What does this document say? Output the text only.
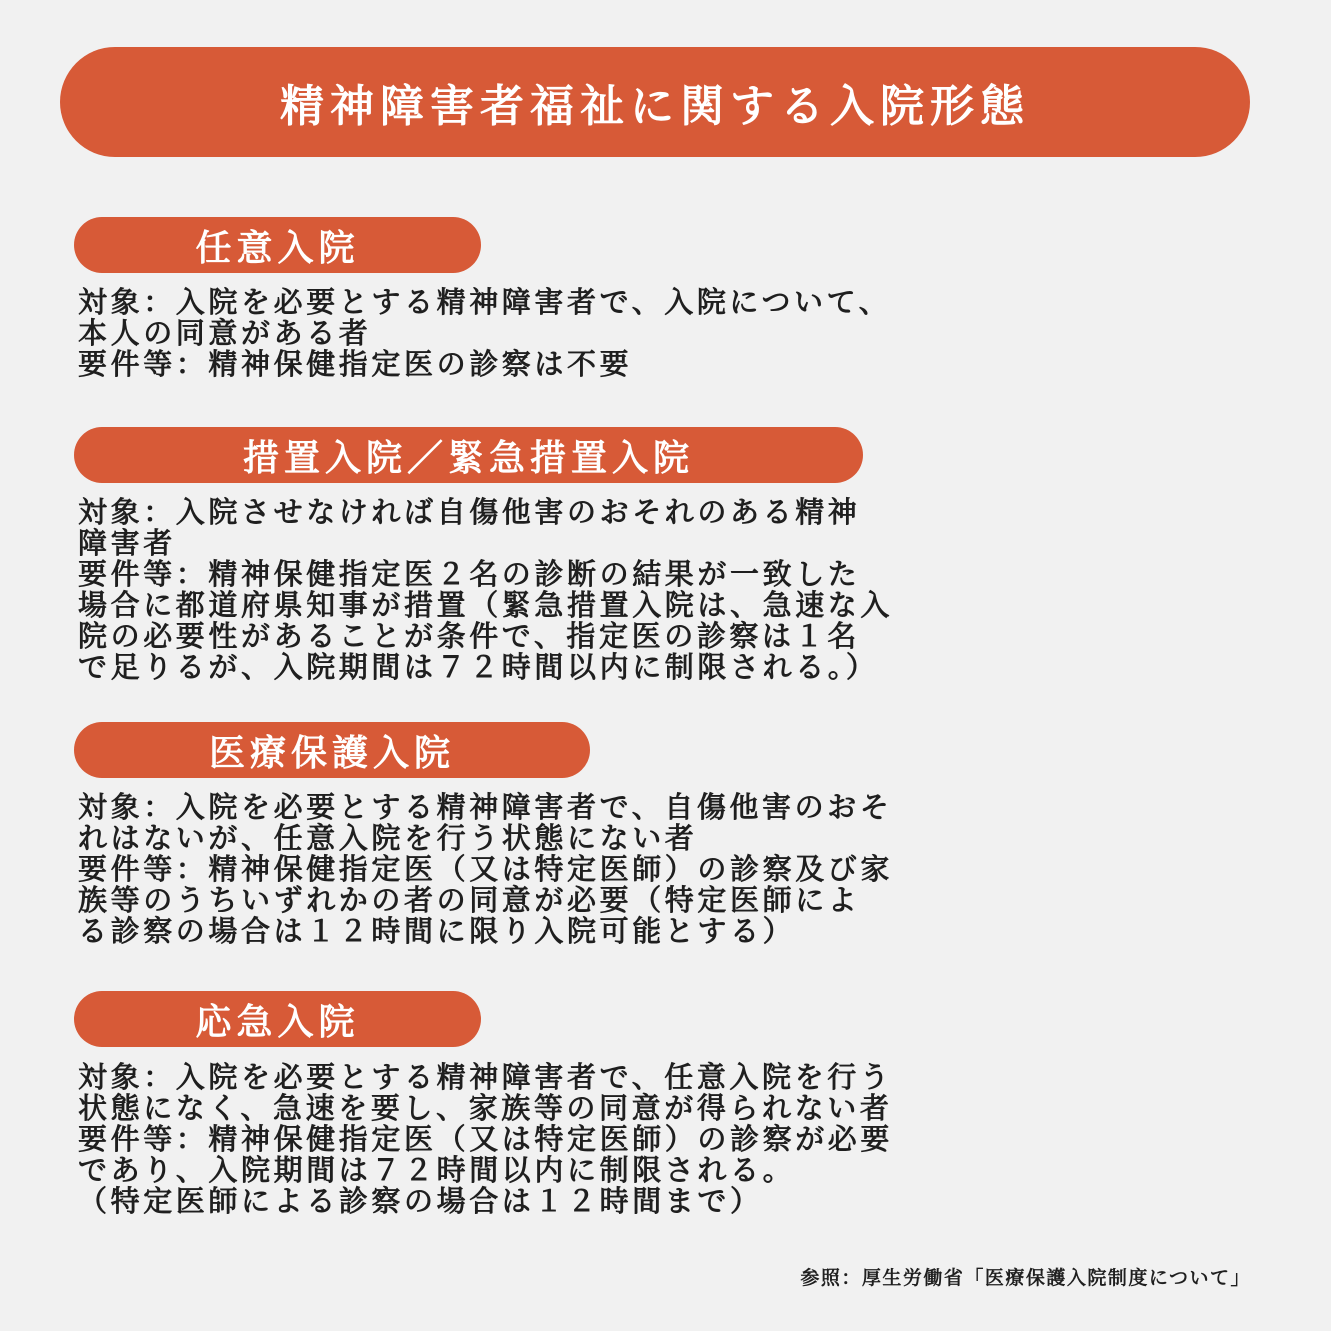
精神障害者福祉に関する入院形態
任意入院
対象：入院を必要とする精神障害者で、入院について、
本人の同意がある者
要件等：精神保健指定医の診察は不要
措置入院／緊急措置入院
対象：入院させなければ自傷他害のおそれのある精神
障害者
要件等：精神保健指定医２名の診断の結果が一致した
場合に都道府県知事が措置（緊急措置入院は、急速な入
院の必要性があることが条件で、指定医の診察は１名
で足りるが、入院期間は７２時間以内に制限される。）
医療保護入院
対象：入院を必要とする精神障害者で、自傷他害のおそ
れはないが、任意入院を行う状態にない者
要件等：精神保健指定医（又は特定医師）の診察及び家
族等のうちいずれかの者の同意が必要（特定医師によ
る診察の場合は１２時間に限り入院可能とする）
応急入院
対象：入院を必要とする精神障害者で、任意入院を行う
状態になく、急速を要し、家族等の同意が得られない者
要件等：精神保健指定医（又は特定医師）の診察が必要
であり、入院期間は７２時間以内に制限される。
（特定医師による診察の場合は１２時間まで）
参照：厚生労働省「医療保護入院制度について」
